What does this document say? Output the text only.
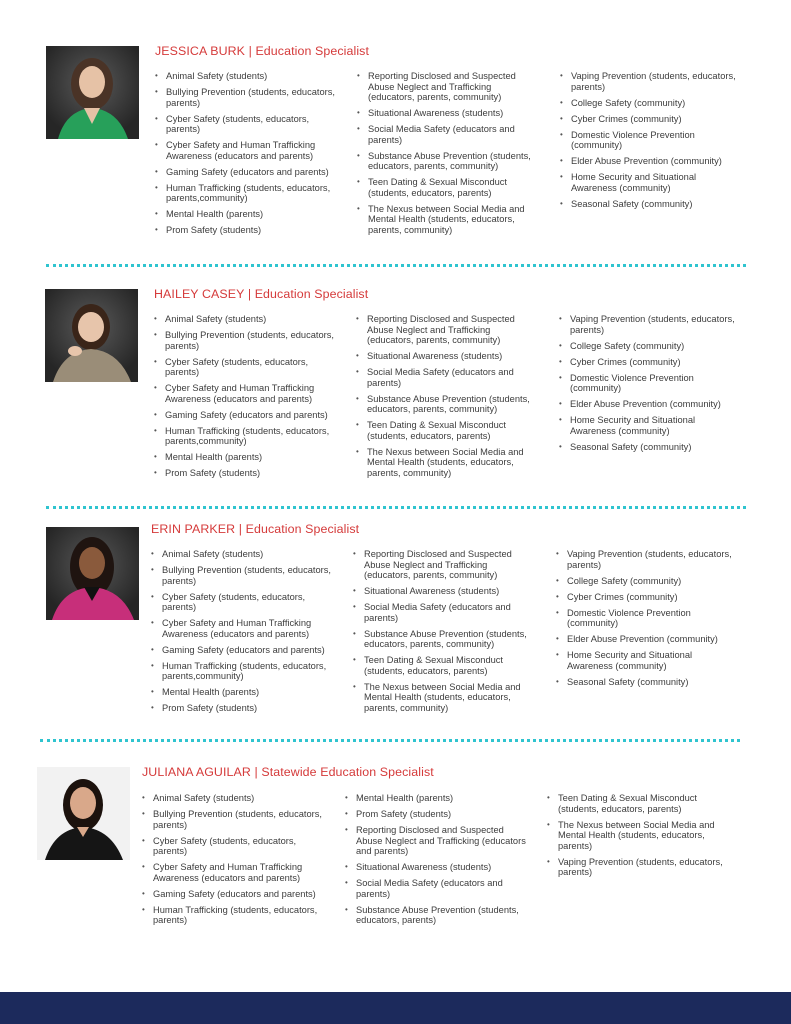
JESSICA BURK | Education Specialist
• Animal Safety (students)
• Bullying Prevention (students, educators, parents)
• Cyber Safety (students, educators, parents)
• Cyber Safety and Human Trafficking Awareness (educators and parents)
• Gaming Safety (educators and parents)
• Human Trafficking (students, educators, parents,community)
• Mental Health (parents)
• Prom Safety (students)
• Reporting Disclosed and Suspected Abuse Neglect and Trafficking (educators, parents, community)
• Situational Awareness (students)
• Social Media Safety (educators and parents)
• Substance Abuse Prevention (students, educators, parents, community)
• Teen Dating & Sexual Misconduct (students, educators, parents)
• The Nexus between Social Media and Mental Health (students, educators, parents, community)
• Vaping Prevention (students, educators, parents)
• College Safety (community)
• Cyber Crimes (community)
• Domestic Violence Prevention (community)
• Elder Abuse Prevention (community)
• Home Security and Situational Awareness (community)
• Seasonal Safety (community)
HAILEY CASEY | Education Specialist
• Animal Safety (students)
• Bullying Prevention (students, educators, parents)
• Cyber Safety (students, educators, parents)
• Cyber Safety and Human Trafficking Awareness (educators and parents)
• Gaming Safety (educators and parents)
• Human Trafficking (students, educators, parents,community)
• Mental Health (parents)
• Prom Safety (students)
• Reporting Disclosed and Suspected Abuse Neglect and Trafficking (educators, parents, community)
• Situational Awareness (students)
• Social Media Safety (educators and parents)
• Substance Abuse Prevention (students, educators, parents, community)
• Teen Dating & Sexual Misconduct (students, educators, parents)
• The Nexus between Social Media and Mental Health (students, educators, parents, community)
• Vaping Prevention (students, educators, parents)
• College Safety (community)
• Cyber Crimes (community)
• Domestic Violence Prevention (community)
• Elder Abuse Prevention (community)
• Home Security and Situational Awareness (community)
• Seasonal Safety (community)
ERIN PARKER | Education Specialist
• Animal Safety (students)
• Bullying Prevention (students, educators, parents)
• Cyber Safety (students, educators, parents)
• Cyber Safety and Human Trafficking Awareness (educators and parents)
• Gaming Safety (educators and parents)
• Human Trafficking (students, educators, parents,community)
• Mental Health (parents)
• Prom Safety (students)
• Reporting Disclosed and Suspected Abuse Neglect and Trafficking (educators, parents, community)
• Situational Awareness (students)
• Social Media Safety (educators and parents)
• Substance Abuse Prevention (students, educators, parents, community)
• Teen Dating & Sexual Misconduct (students, educators, parents)
• The Nexus between Social Media and Mental Health (students, educators, parents, community)
• Vaping Prevention (students, educators, parents)
• College Safety (community)
• Cyber Crimes (community)
• Domestic Violence Prevention (community)
• Elder Abuse Prevention (community)
• Home Security and Situational Awareness (community)
• Seasonal Safety (community)
JULIANA AGUILAR | Statewide Education Specialist
• Animal Safety (students)
• Bullying Prevention (students, educators, parents)
• Cyber Safety (students, educators, parents)
• Cyber Safety and Human Trafficking Awareness (educators and parents)
• Gaming Safety (educators and parents)
• Human Trafficking (students, educators, parents)
• Mental Health (parents)
• Prom Safety (students)
• Reporting Disclosed and Suspected Abuse Neglect and Trafficking (educators and parents)
• Situational Awareness (students)
• Social Media Safety (educators and parents)
• Substance Abuse Prevention (students, educators, parents)
• Teen Dating & Sexual Misconduct (students, educators, parents)
• The Nexus between Social Media and Mental Health (students, educators, parents)
• Vaping Prevention (students, educators, parents)
